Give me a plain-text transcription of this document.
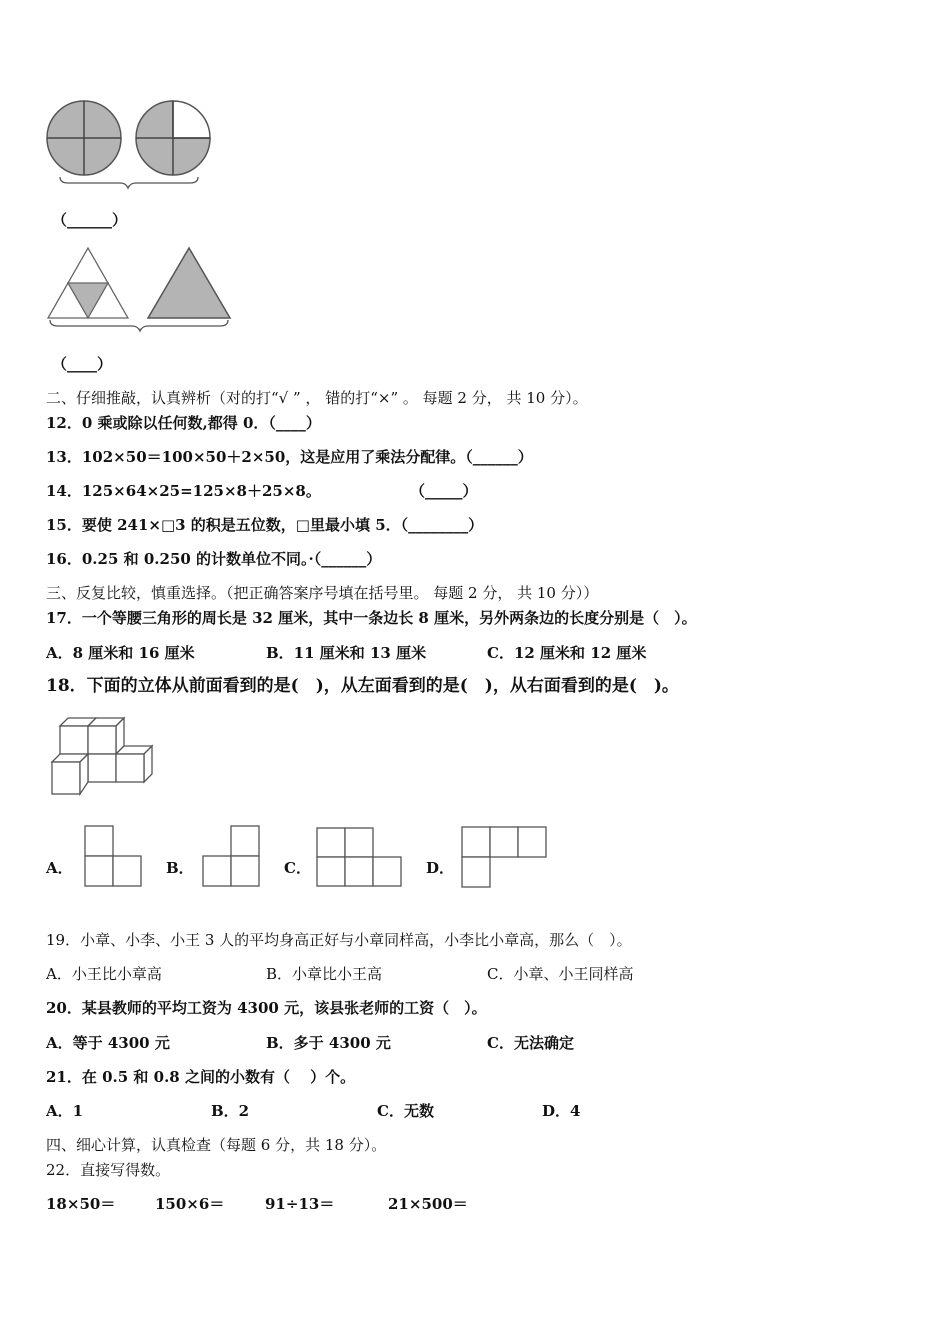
（______）
（____）
二、仔细推敲，认真辨析（对的打“√ ” ， 错的打“×” 。 每题 2 分， 共 10 分）。
12．0 乘或除以任何数,都得 0．（____）
13．102×50＝100×50＋2×50，这是应用了乘法分配律。（______）
14．125×64×25=125×8＋25×8。	（_____）
15．要使 241×□3 的积是五位数，□里最小填 5．（________）
16．0.25 和 0.250 的计数单位不同。·（______）
三、反复比较，慎重选择。（把正确答案序号填在括号里。 每题 2 分， 共 10 分））
17．一个等腰三角形的周长是 32 厘米，其中一条边长 8 厘米，另外两条边的长度分别是（　）。
A．8 厘米和 16 厘米	B．11 厘米和 13 厘米	C．12 厘米和 12 厘米
18．下面的立体从前面看到的是(　)，从左面看到的是(　)，从右面看到的是(　)。
A．	B．	C．	D．
19．小章、小李、小王 3 人的平均身高正好与小章同样高，小李比小章高，那么（　）。
A．小王比小章高	B．小章比小王高	C．小章、小王同样高
20．某县教师的平均工资为 4300 元，该县张老师的工资（　）。
A．等于 4300 元	B．多于 4300 元	C．无法确定
21．在 0.5 和 0.8 之间的小数有（　 ）个。
A．1	B．2	C．无数	D．4
四、细心计算，认真检查（每题 6 分，共 18 分）。
22．直接写得数。
18×50＝	150×6＝	91÷13＝	21×500＝
